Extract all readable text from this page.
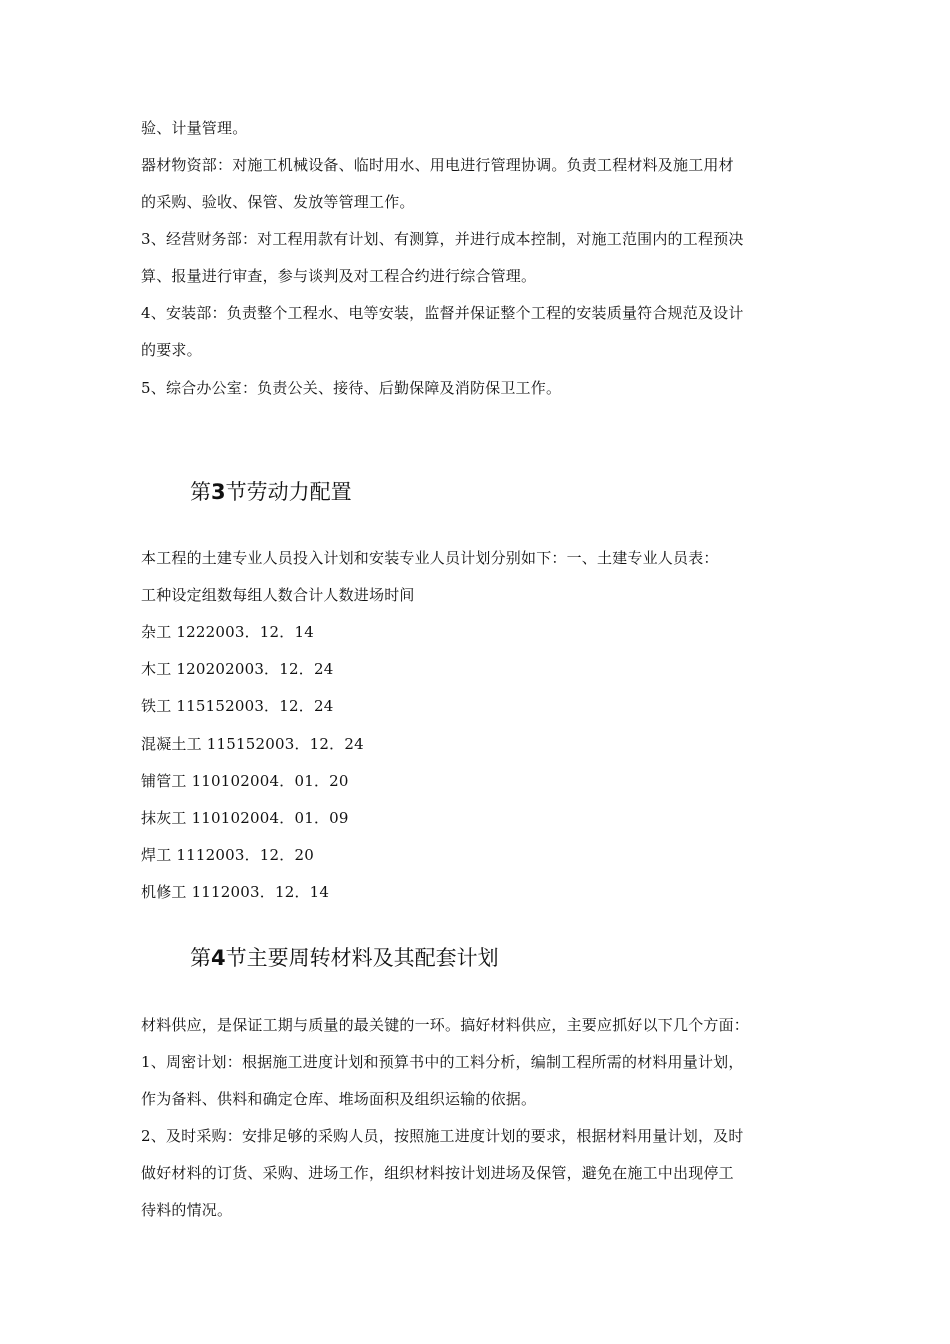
验、计量管理。
器材物资部：对施工机械设备、临时用水、用电进行管理协调。负责工程材料及施工用材
的采购、验收、保管、发放等管理工作。
3、经营财务部：对工程用款有计划、有测算，并进行成本控制，对施工范围内的工程预决
算、报量进行审查，参与谈判及对工程合约进行综合管理。
4、安装部：负责整个工程水、电等安装，监督并保证整个工程的安装质量符合规范及设计
的要求。
5、综合办公室：负责公关、接待、后勤保障及消防保卫工作。
第3节劳动力配置
本工程的土建专业人员投入计划和安装专业人员计划分别如下：一、土建专业人员表：
工种设定组数每组人数合计人数进场时间
杂工 1222003．12．14
木工 120202003．12．24
铁工 115152003．12．24
混凝土工 115152003．12．24
铺管工 110102004．01．20
抹灰工 110102004．01．09
焊工 1112003．12．20
机修工 1112003．12．14
第4节主要周转材料及其配套计划
材料供应，是保证工期与质量的最关键的一环。搞好材料供应，主要应抓好以下几个方面：
1、周密计划：根据施工进度计划和预算书中的工料分析，编制工程所需的材料用量计划，
作为备料、供料和确定仓库、堆场面积及组织运输的依据。
2、及时采购：安排足够的采购人员，按照施工进度计划的要求，根据材料用量计划，及时
做好材料的订货、采购、进场工作，组织材料按计划进场及保管，避免在施工中出现停工
待料的情况。
